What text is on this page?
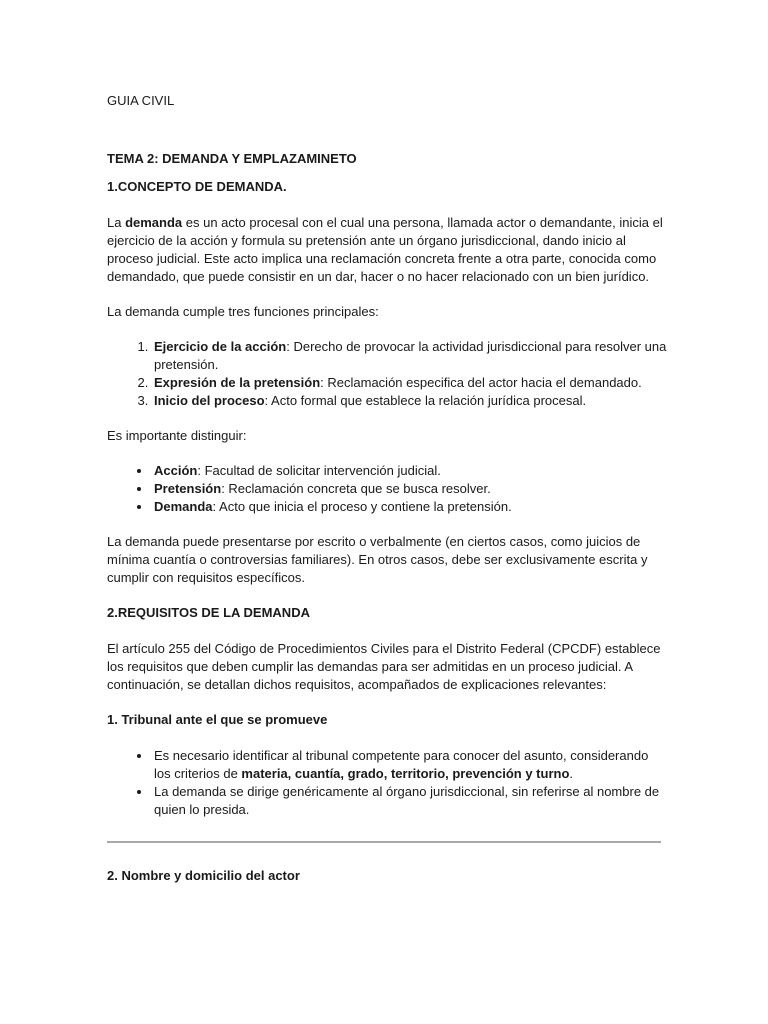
GUIA CIVIL

TEMA 2: DEMANDA Y EMPLAZAMINETO

1.CONCEPTO DE DEMANDA.

La demanda es un acto procesal con el cual una persona, llamada actor o demandante, inicia el ejercicio de la acción y formula su pretensión ante un órgano jurisdiccional, dando inicio al proceso judicial. Este acto implica una reclamación concreta frente a otra parte, conocida como demandado, que puede consistir en un dar, hacer o no hacer relacionado con un bien jurídico.

La demanda cumple tres funciones principales:

1. Ejercicio de la acción: Derecho de provocar la actividad jurisdiccional para resolver una pretensión.
2. Expresión de la pretensión: Reclamación especifica del actor hacia el demandado.
3. Inicio del proceso: Acto formal que establece la relación jurídica procesal.

Es importante distinguir:

• Acción: Facultad de solicitar intervención judicial.
• Pretensión: Reclamación concreta que se busca resolver.
• Demanda: Acto que inicia el proceso y contiene la pretensión.

La demanda puede presentarse por escrito o verbalmente (en ciertos casos, como juicios de mínima cuantía o controversias familiares). En otros casos, debe ser exclusivamente escrita y cumplir con requisitos específicos.

2.REQUISITOS DE LA DEMANDA

El artículo 255 del Código de Procedimientos Civiles para el Distrito Federal (CPCDF) establece los requisitos que deben cumplir las demandas para ser admitidas en un proceso judicial. A continuación, se detallan dichos requisitos, acompañados de explicaciones relevantes:

1. Tribunal ante el que se promueve

• Es necesario identificar al tribunal competente para conocer del asunto, considerando los criterios de materia, cuantía, grado, territorio, prevención y turno.
• La demanda se dirige genéricamente al órgano jurisdiccional, sin referirse al nombre de quien lo presida.

2. Nombre y domicilio del actor
